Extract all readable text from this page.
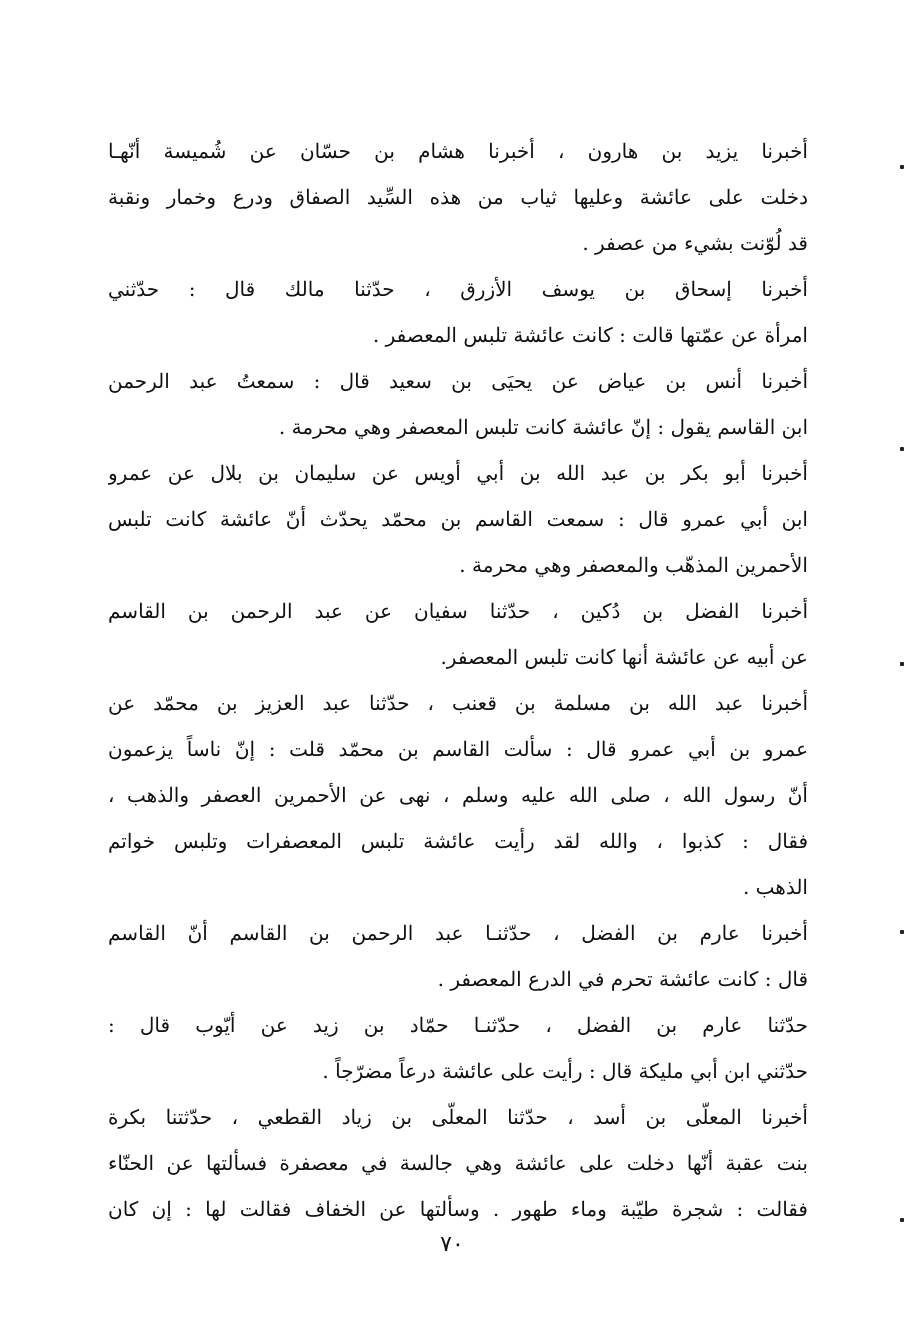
أخبرنا يزيد بن هارون ، أخبرنا هشام بن حسّان عن شُميسة أنّهـا
دخلت على عائشة وعليها ثياب من هذه السِّيد الصفاق ودرع وخمار ونقبة
قد لُوّنت بشيء من عصفر .
أخبرنا إسحاق بن يوسف الأزرق ، حدّثنا مالك قال : حدّثني
امرأة عن عمّتها قالت : كانت عائشة تلبس المعصفر .
أخبرنا أنس بن عياض عن يحيَى بن سعيد قال : سمعتُ عبد الرحمن
ابن القاسم يقول : إنّ عائشة كانت تلبس المعصفر وهي محرمة .
أخبرنا أبو بكر بن عبد الله بن أبي أويس عن سليمان بن بلال عن عمرو
ابن أبي عمرو قال : سمعت القاسم بن محمّد يحدّث أنّ عائشة كانت تلبس
الأحمرين المذهّب والمعصفر وهي محرمة .
أخبرنا الفضل بن دُكين ، حدّثنا سفيان عن عبد الرحمن بن القاسم
عن أبيه عن عائشة أنها كانت تلبس المعصفر.
أخبرنا عبد الله بن مسلمة بن قعنب ، حدّثنا عبد العزيز بن محمّد عن
عمرو بن أبي عمرو قال : سألت القاسم بن محمّد قلت : إنّ ناساً يزعمون
أنّ رسول الله ، صلى الله عليه وسلم ، نهى عن الأحمرين العصفر والذهب ،
فقال : كذبوا ، والله لقد رأيت عائشة تلبس المعصفرات وتلبس خواتم
الذهب .
أخبرنا عارم بن الفضل ، حدّثنـا عبد الرحمن بن القاسم أنّ القاسم
قال : كانت عائشة تحرم في الدرع المعصفر .
حدّثنا عارم بن الفضل ، حدّثنـا حمّاد بن زيد عن أيّوب قال :
حدّثني ابن أبي مليكة قال : رأيت على عائشة درعاً مضرّجاً .
أخبرنا المعلّى بن أسد ، حدّثنا المعلّى بن زياد القطعي ، حدّثتنا بكرة
بنت عقبة أنّها دخلت على عائشة وهي جالسة في معصفرة فسألتها عن الحنّاء
فقالت : شجرة طيّبة وماء طهور . وسألتها عن الخفاف فقالت لها : إن كان
٧٠
